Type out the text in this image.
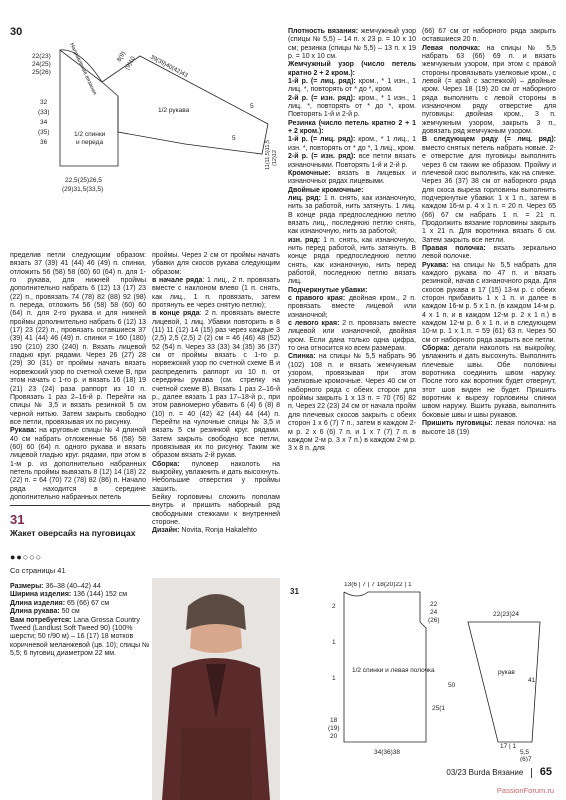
30
22(23)
24(25)
25(26)	Направление вязания	39(39)40(42)43
8(9)
(9)10
1/2 рукава
1/2 спинки
и переда
32
(33)
34
(35)
36
5
5
11(11,5)11,5 (12)12
22,5(25)26,5
(29)31,5(33,5)

пределив петли следующим образом: вязать 37 (39) 41 (44) 46 (49) п. спинки, отложить 56 (58) 58 (60) 60 (64) п. для 1-го рукава, для нижней проймы дополнительно набрать 6 (12) 13 (17) 23 (22) п., провязать 74 (78) 82 (88) 92 (98) п. переда, отложить 56 (58) 58 (60) 60 (64) п. для 2-го рукава и для нижней проймы дополнительно набрать 6 (12) 13 (17) 23 (22) п., провязать оставшиеся 37 (39) 41 (44) 46 (49) п. спинки = 160 (180) 190 (210) 230 (240) п. Вязать лицевой гладью круг. рядами. Через 26 (27) 28 (29) 30 (31) от проймы начать вязать норвежский узор по счетной схеме В, при этом начать с 1-го р. и вязать 16 (18) 19 (21) 23 (24) раза раппорт из 10 п. Провязать 1 раз 2–16-й р. Перейти на спицы № 3,5 и вязать резинкой 5 см черной нитью. Затем закрыть свободно все петли, провязывая их по рисунку.

Рукава: на круговые спицы № 4 длиной 40 см набрать отложенные 56 (58) 58 (60) 60 (64) п. одного рукава и вязать лицевой гладью круг. рядами, при этом в 1-м р. из дополнительно набранных петель проймы вывязать 8 (12) 14 (18) 22 (22) п. = 64 (70) 72 (78) 82 (86) п. Начало ряда находится в середине дополнительно набранных петель

проймы. Через 2 см от проймы начать убавки для скосов рукава следующим образом:

в начале ряда: 1 лиц., 2 п. провязать вместе с наклоном влево (1 п. снять, как лиц., 1 п. провязать, затем протянуть ее через снятую петлю);

в конце ряда: 2 п. провязать вместе лицевой, 1 лиц. Убавки повторить в 8 (11) 11 (12) 14 (15) раз через каждые 3 (2,5) 2,5 (2,5) 2 (2) см = 46 (46) 48 (52) 52 (54) п. Через 33 (33) 34 (35) 36 (37) см от проймы вязать с 1-го р. норвежский узор по счетной схеме В и распределить раппорт из 10 п. от середины рукава (см. стрелку на счетной схеме В). Вязать 1 раз 2–16-й р., далее вязать 1 раз 17–18-й р., при этом равномерно убавить 6 (4) 6 (8) 8 (10) п. = 40 (42) 42 (44) 44 (44) п. Перейти на чулочные спицы № 3,5 и вязать 5 см резинкой круг. рядами. Затем закрыть свободно все петли, провязывая их по рисунку. Таким же образом вязать 2-й рукав.

Сборка: пуловер наколоть на выкройку, увлажнить и дать высохнуть. Небольшие отверстия у проймы зашить.

Бейку горловины сложить пополам внутрь и пришить наборный ряд свободными стежками к внутренней стороне.

Дизайн: Novita, Ronja Hakalehto

Плотность вязания: жемчужный узор (спицы № 5,5) – 14 п. x 23 р. = 10 x 10 см; резинка (спицы № 5,5) – 13 п. x 19 р. = 10 x 10 см.

Жемчужный узор (число петель кратно 2 + 2 кром.):

1-й р. (= лиц. ряд): кром., * 1 изн., 1 лиц. *, повторять от * до *, кром.

2-й р. (= изн. ряд): кром., * 1 изн., 1 лиц. *, повторять от * до *, кром. Повторять 1-й и 2-й р.

Резинка (число петель кратно 2 + 1 + 2 кром.):

1-й р. (= лиц. ряд): кром., * 1 лиц., 1 изн. *, повторять от * до *, 1 лиц., кром.

2-й р. (= изн. ряд): все петли вязать изнаночными. Повторять 1-й и 2-й р.

Кромочные: вязать в лицевых и изнаночных рядах лицевыми.

Двойные кромочные:

лиц. ряд: 1 п. снять, как изнаночную, нить за работой, нить затянуть. 1 лиц. В конце ряда предпоследнюю петлю вязать лиц., последнюю петлю снять, как изнаночную, нить за работой;

изн. ряд: 1 п. снять, как изнаночную, нить перед работой, нить затянуть. В конце ряда предпоследнюю петлю снять, как изнаночную, нить перед работой, последнюю петлю вязать лиц.

Подчеркнутые убавки:

с правого края: двойная кром., 2 п. провязать вместе лицевой или изнаночной;

с левого края: 2 п. провязать вместе лицевой или изнаночной, двойная кром. Если дана только одна цифра, то она относится ко всем размерам.

Спинка: на спицы № 5,5 набрать 96 (102) 108 п. и вязать жемчужным узором, провязывая при этом узелковые кромочные. Через 40 см от наборного ряда с обеих сторон для проймы закрыть 1 x 13 п. = 70 (76) 82 п. Через 22 (23) 24 см от начала пройм для плечевых скосов закрыть с обеих сторон 1 x 6 (7) 7 п., затем в каждом 2-м р. 2 x 6 (6) 7 п. и 1 x 7 (7) 7 п. в каждом 2-м р. 3 x 7 п.) в каждом 2-м р. 3 x 8 п. для

(66) 67 см от наборного ряда закрыть оставшиеся 20 п.

Левая полочка: на спицы № 5,5 набрать 63 (66) 69 п. и вязать жемчужным узором, при этом с правой стороны провязывать узелковые кром., с левой (= край с застежкой) – двойные кром. Через 18 (19) 20 см от наборного ряда выполнить с левой стороны в изнаночном ряду отверстие для пуговицы: двойная кром., 3 п. жемчужным узором, закрыть 3 п., довязать ряд жемчужным узором.

В следующем ряду (= лиц. ряд): вместо снятых петель набрать новые. 2-е отверстие для пуговицы выполнить через 6 см таким же образом. Пройму и плечевой скос выполнить, как на спинке. Через 36 (37) 38 см от наборного ряда для скоса выреза горловины выполнить подчеркнутые убавки: 1 x 1 п., затем в каждом 16-м р. 4 x 1 п. = 20 п. Через 65 (66) 67 см набрать 1 п. = 21 п. Продолжить вязание горловины закрыть 1 x 21 п. Для воротника вязать 6 см. Затем закрыть все петли.

Правая полочка: вязать зеркально левой полочке.

Рукава: на спицы № 5,5 набрать для каждого рукава по 47 п. и вязать резинкой, начав с изнаночного ряда. Для скосов рукава в 17 (15) 13-м р. с обеих сторон прибавить 1 x 1 п. и далее в каждом 16-м р. 5 x 1 п. (в каждом 14-м р. 4 x 1 п. и в каждом 12-м р. 2 x 1 п.) в каждом 12-м р. 6 x 1 п. и в следующем 10-м р. 1 x 1 п. = 59 (61) 63 п. Через 50 см от наборного ряда закрыть все петли.

Сборка: детали наколоть на выкройку, увлажнить и дать высохнуть. Выполнить плечевые швы. Обе половины воротника соединить швом наружу. После того как воротник будет отвернут, этот шов виден не будет. Пришить воротник к вырезу горловины спинки швом наружу. Вшить рукава, выполнить боковые швы и швы рукавов.

Пришить пуговицы: левая полочка: на высоте 18 (19)

31
Жакет оверсайз на пуговицах
●●○○○
Со страницы 41

Размеры: 36–38 (40–42) 44

Ширина изделия: 136 (144) 152 см

Длина изделия: 65 (66) 67 см

Длина рукава: 50 см

Вам потребуется: Lana Grossa Country Tweed (Landlust Soft Tweed 90) (100% шерсти; 50 г/90 м) – 16 (17) 18 мотков коричневой меланжевой (цв. 10); спицы № 5,5; 6 пуговиц диаметром 22 мм.

31
13(6 | 7 | 7 18(20)22 | 1
2	22
24
(26)
1
50
1
18
(19)
20
1/2 спинки и левая полочка
34(36)38
25(1
22(23)24
рукав
41
17 | 1
5,5
(6)7
03/23 Burda Вязание 65
PassionForum.ru
